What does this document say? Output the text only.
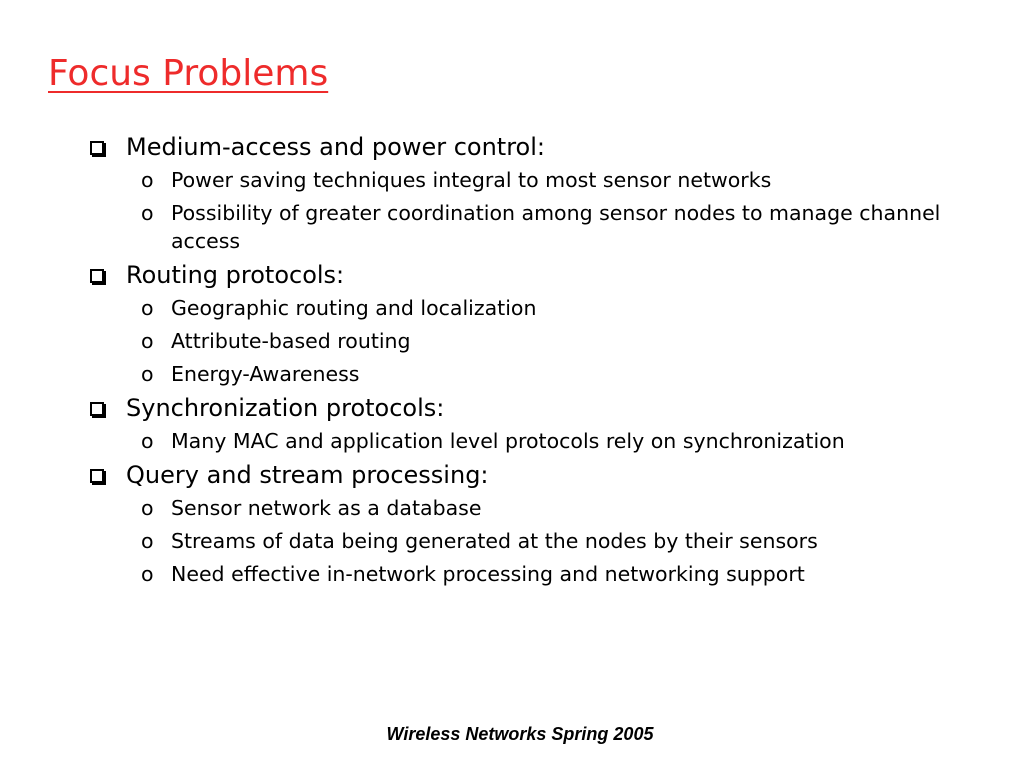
Focus Problems
Medium-access and power control:
o Power saving techniques integral to most sensor networks
o Possibility of greater coordination among sensor nodes to manage channel access
Routing protocols:
o Geographic routing and localization
o Attribute-based routing
o Energy-Awareness
Synchronization protocols:
o Many MAC and application level protocols rely on synchronization
Query and stream processing:
o Sensor network as a database
o Streams of data being generated at the nodes by their sensors
o Need effective in-network processing and networking support
Wireless Networks Spring 2005
